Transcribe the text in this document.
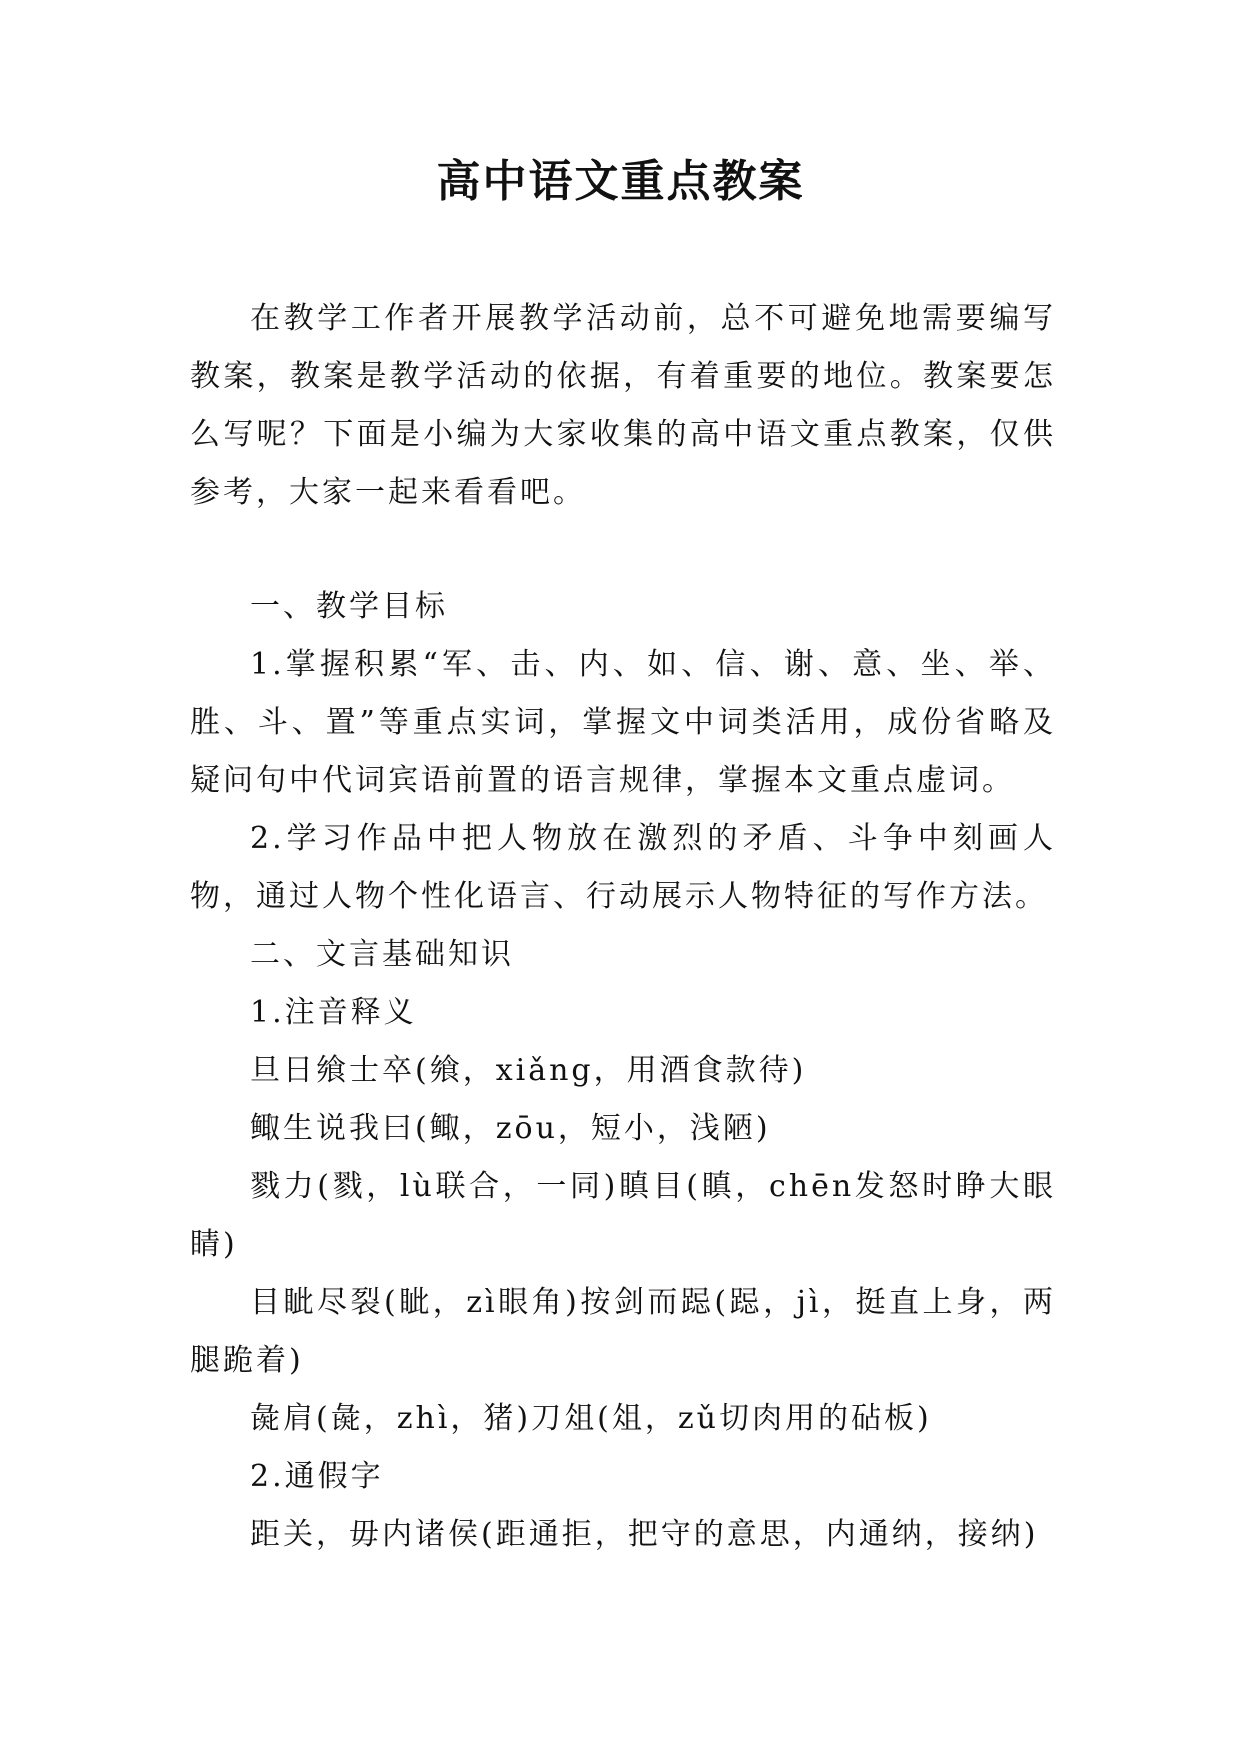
高中语文重点教案

在教学工作者开展教学活动前，总不可避免地需要编写教案，教案是教学活动的依据，有着重要的地位。教案要怎么写呢？下面是小编为大家收集的高中语文重点教案，仅供参考，大家一起来看看吧。

一、教学目标

1.掌握积累“军、击、内、如、信、谢、意、坐、举、胜、斗、置”等重点实词，掌握文中词类活用，成份省略及疑问句中代词宾语前置的语言规律，掌握本文重点虚词。

2.学习作品中把人物放在激烈的矛盾、斗争中刻画人物，通过人物个性化语言、行动展示人物特征的写作方法。

二、文言基础知识

1.注音释义

旦日飨士卒(飨，xiǎng，用酒食款待)

鲰生说我曰(鲰，zōu，短小，浅陋)

戮力(戮，lù联合，一同)瞋目(瞋，chēn发怒时睁大眼睛)

目眦尽裂(眦，zì眼角)按剑而跽(跽，jì，挺直上身，两腿跪着)

彘肩(彘，zhì，猪)刀俎(俎，zǔ切肉用的砧板)

2.通假字

距关，毋内诸侯(距通拒，把守的意思，内通纳，接纳)
